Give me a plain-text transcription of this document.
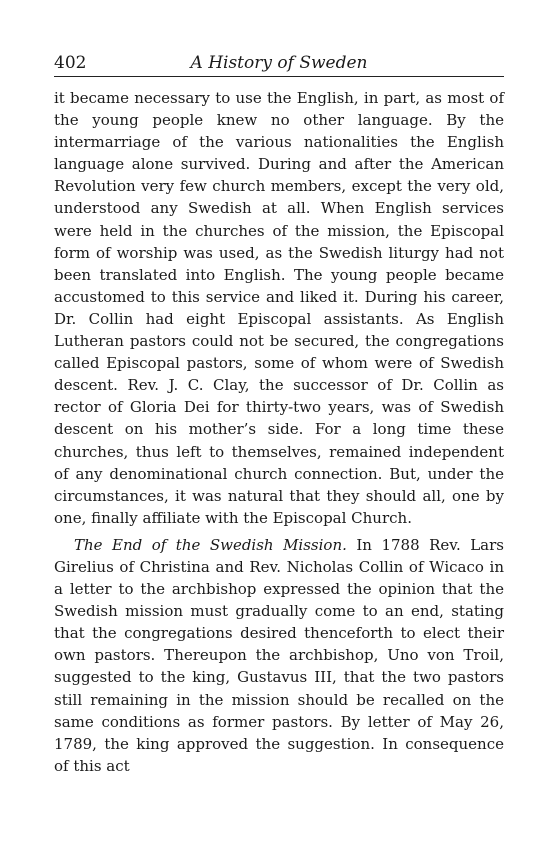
402	A History of Sweden

it became necessary to use the English, in part, as most of the young people knew no other language. By the intermarriage of the various nationalities the English language alone survived. During and after the American Revolution very few church members, except the very old, understood any Swedish at all. When English services were held in the churches of the mission, the Episcopal form of worship was used, as the Swedish liturgy had not been translated into English. The young people became accustomed to this service and liked it. During his career, Dr. Collin had eight Episcopal assistants. As English Lutheran pastors could not be secured, the congregations called Episcopal pastors, some of whom were of Swedish descent. Rev. J. C. Clay, the successor of Dr. Collin as rector of Gloria Dei for thirty-two years, was of Swedish descent on his mother’s side. For a long time these churches, thus left to themselves, remained independent of any denominational church connection. But, under the circumstances, it was natural that they should all, one by one, finally affiliate with the Episcopal Church.

The End of the Swedish Mission. In 1788 Rev. Lars Girelius of Christina and Rev. Nicholas Collin of Wicaco in a letter to the archbishop expressed the opinion that the Swedish mission must gradually come to an end, stating that the congregations desired thenceforth to elect their own pastors. Thereupon the archbishop, Uno von Troil, suggested to the king, Gustavus III, that the two pastors still remaining in the mission should be recalled on the same conditions as former pastors. By letter of May 26, 1789, the king approved the suggestion. In consequence of this act
